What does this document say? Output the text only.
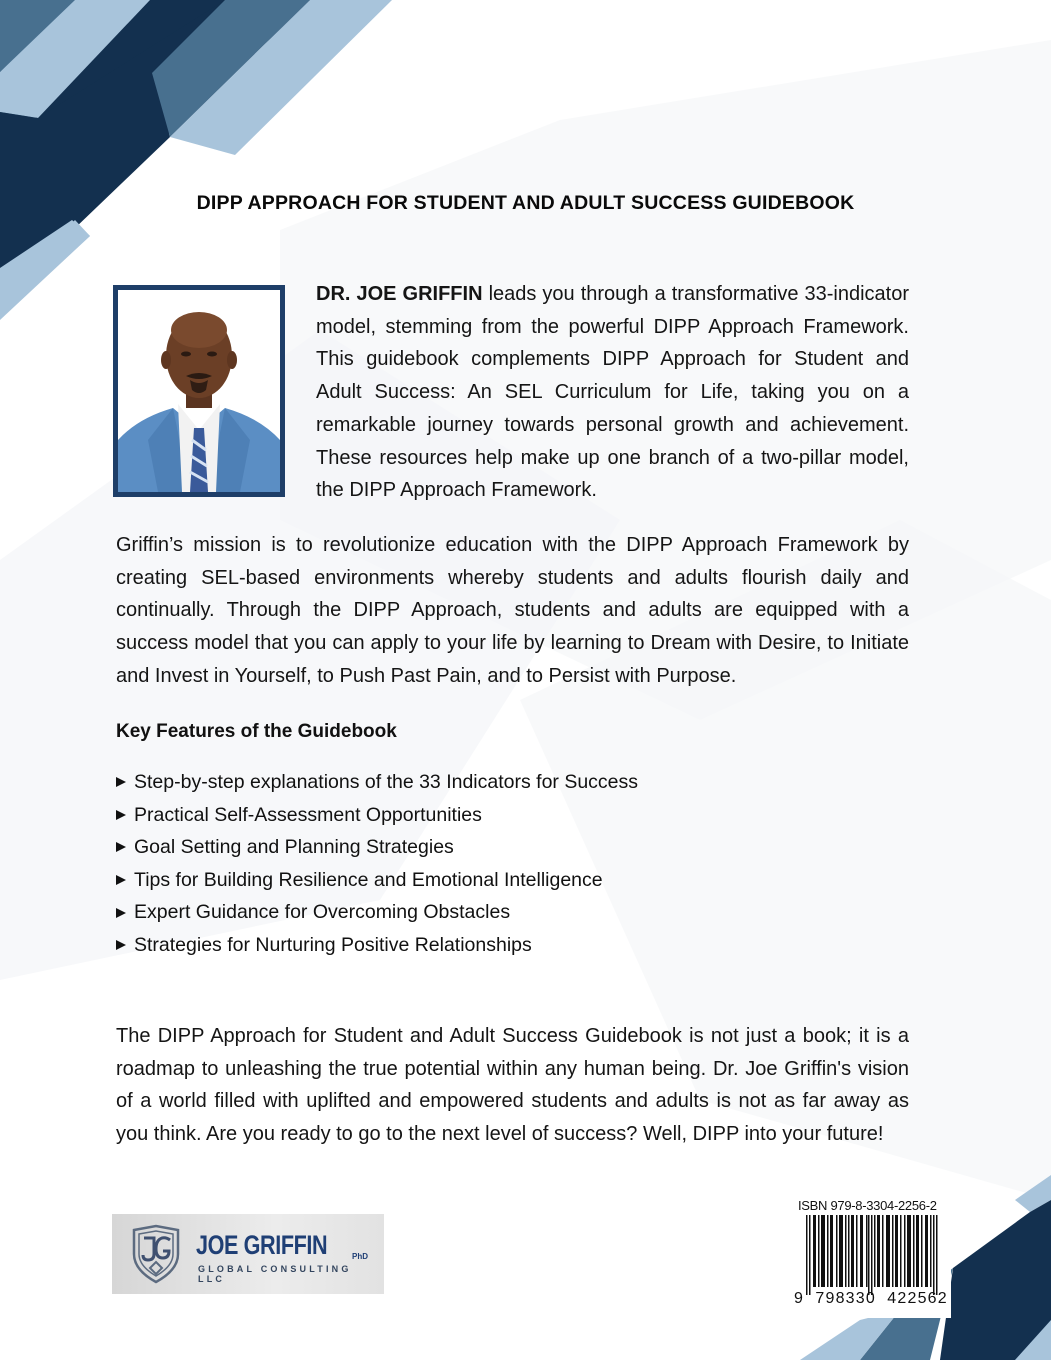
DIPP APPROACH FOR STUDENT AND ADULT SUCCESS GUIDEBOOK
DR. JOE GRIFFIN leads you through a transformative 33-indicator model, stemming from the powerful DIPP Approach Framework. This guidebook complements DIPP Approach for Student and Adult Success: An SEL Curriculum for Life, taking you on a remarkable journey towards personal growth and achievement. These resources help make up one branch of a two-pillar model, the DIPP Approach Framework.
Griffin’s mission is to revolutionize education with the DIPP Approach Framework by creating SEL-based environments whereby students and adults flourish daily and continually. Through the DIPP Approach, students and adults are equipped with a success model that you can apply to your life by learning to Dream with Desire, to Initiate and Invest in Yourself, to Push Past Pain, and to Persist with Purpose.
Key Features of the Guidebook
Step-by-step explanations of the 33 Indicators for Success
Practical Self-Assessment Opportunities
Goal Setting and Planning Strategies
Tips for Building Resilience and Emotional Intelligence
Expert Guidance for Overcoming Obstacles
Strategies for Nurturing Positive Relationships
The DIPP Approach for Student and Adult Success Guidebook is not just a book; it is a roadmap to unleashing the true potential within any human being. Dr. Joe Griffin's vision of a world filled with uplifted and empowered students and adults is not as far away as you think. Are you ready to go to the next level of success? Well, DIPP into your future!
JOE GRIFFIN	PhD
GLOBAL CONSULTING LLC
ISBN 979-8-3304-2256-2
9  798330  422562
